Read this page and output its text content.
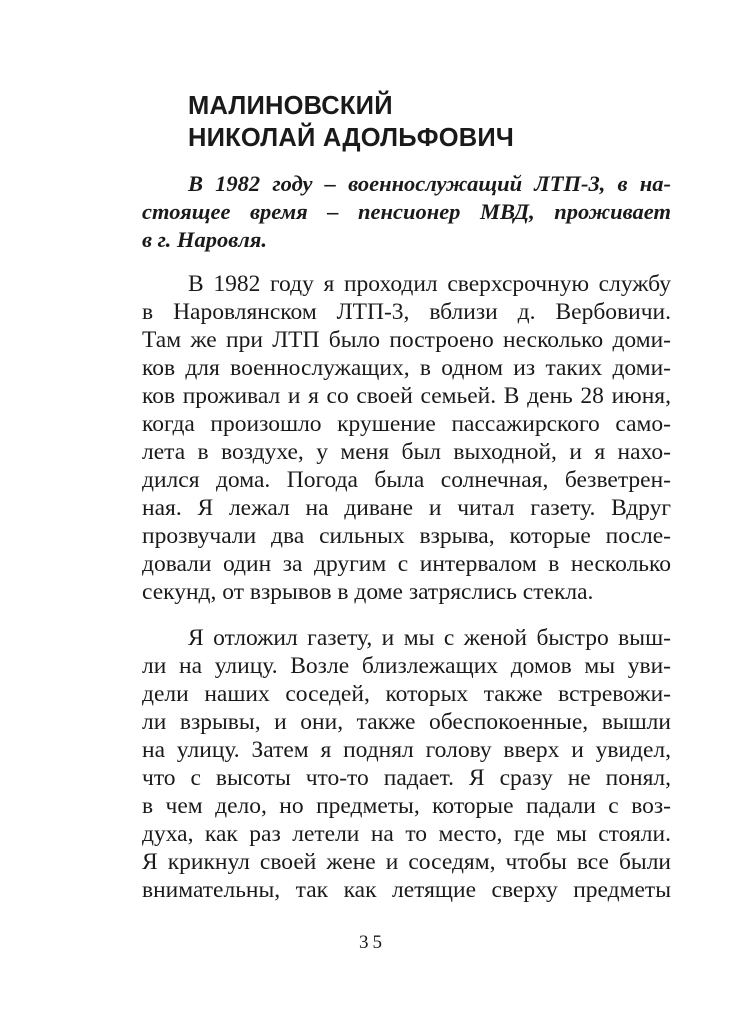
МАЛИНОВСКИЙ
НИКОЛАЙ АДОЛЬФОВИЧ
В 1982 году – военнослужащий ЛТП-3, в на-
стоящее время – пенсионер МВД, проживает
в г. Наровля.
В 1982 году я проходил сверхсрочную службу
в Наровлянском ЛТП-3, вблизи д. Вербовичи.
Там же при ЛТП было построено несколько доми-
ков для военнослужащих, в одном из таких доми-
ков проживал и я со своей семьей. В день 28 июня,
когда произошло крушение пассажирского само-
лета в воздухе, у меня был выходной, и я нахо-
дился дома. Погода была солнечная, безветрен-
ная. Я лежал на диване и читал газету. Вдруг
прозвучали два сильных взрыва, которые после-
довали один за другим с интервалом в несколько
секунд, от взрывов в доме затряслись стекла.
Я отложил газету, и мы с женой быстро выш-
ли на улицу. Возле близлежащих домов мы уви-
дели наших соседей, которых также встревожи-
ли взрывы, и они, также обеспокоенные, вышли
на улицу. Затем я поднял голову вверх и увидел,
что с высоты что-то падает. Я сразу не понял,
в чем дело, но предметы, которые падали с воз-
духа, как раз летели на то место, где мы стояли.
Я крикнул своей жене и соседям, чтобы все были
внимательны, так как летящие сверху предметы
35
